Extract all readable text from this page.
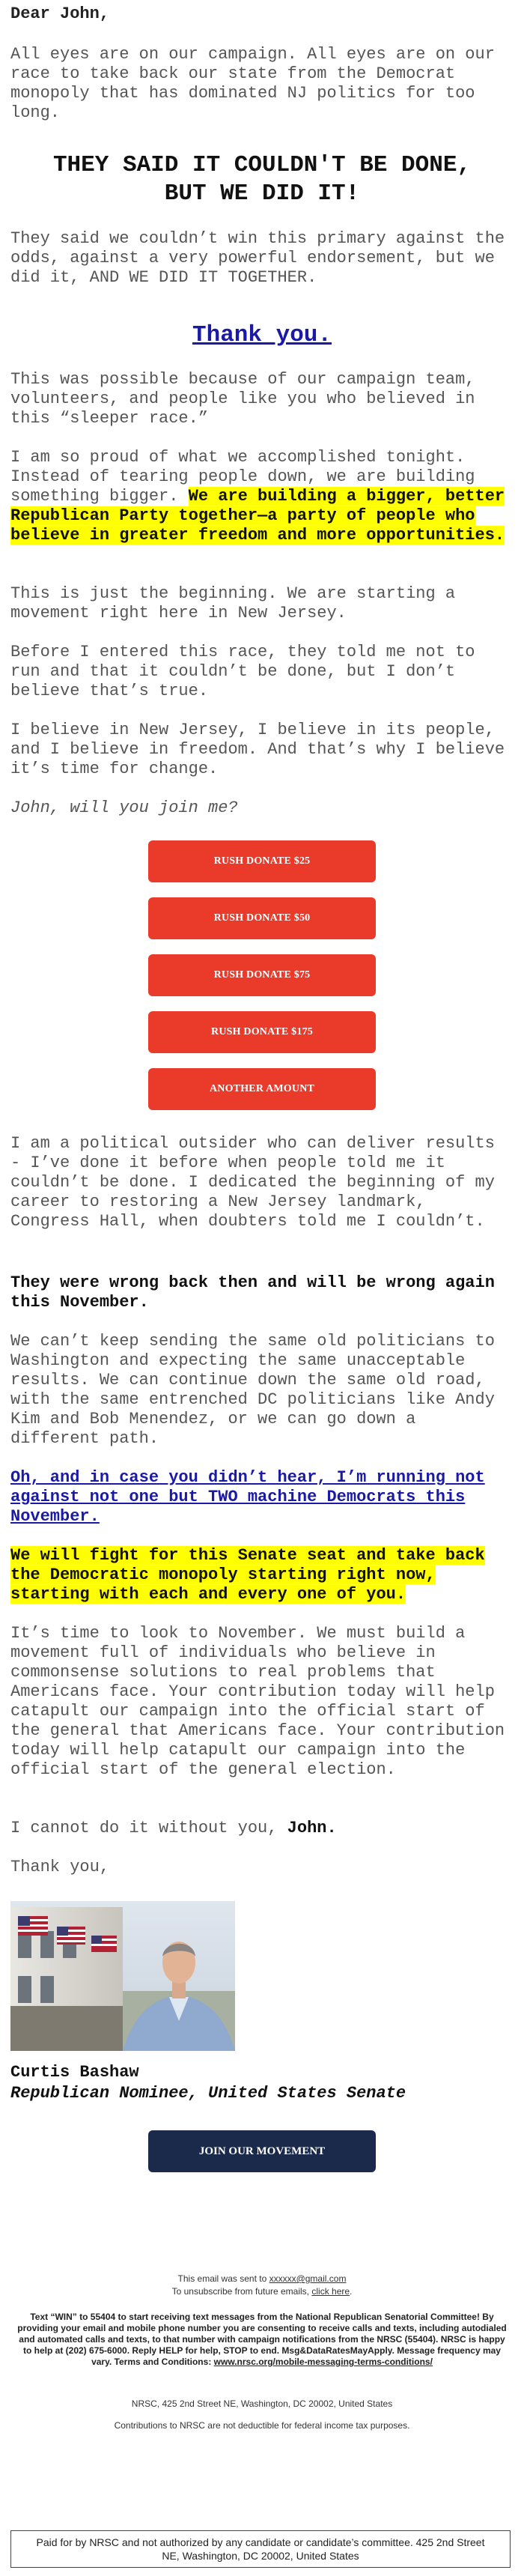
Dear John,

All eyes are on our campaign. All eyes are on our race to take back our state from the Democrat monopoly that has dominated NJ politics for too long.

THEY SAID IT COULDN'T BE DONE,
BUT WE DID IT!

They said we couldn’t win this primary against the odds, against a very powerful endorsement, but we did it, AND WE DID IT TOGETHER.

Thank you.

This was possible because of our campaign team, volunteers, and people like you who believed in this “sleeper race.”

I am so proud of what we accomplished tonight. Instead of tearing people down, we are building something bigger. We are building a bigger, better Republican Party together—a party of people who believe in greater freedom and more opportunities.

This is just the beginning. We are starting a movement right here in New Jersey.

Before I entered this race, they told me not to run and that it couldn’t be done, but I don’t believe that’s true.

I believe in New Jersey, I believe in its people, and I believe in freedom. And that’s why I believe it’s time for change.

John, will you join me?
RUSH DONATE $25
RUSH DONATE $50
RUSH DONATE $75
RUSH DONATE $175
ANOTHER AMOUNT

I am a political outsider who can deliver results - I’ve done it before when people told me it couldn’t be done. I dedicated the beginning of my career to restoring a New Jersey landmark, Congress Hall, when doubters told me I couldn’t.

They were wrong back then and will be wrong again this November.

We can’t keep sending the same old politicians to Washington and expecting the same unacceptable results. We can continue down the same old road, with the same entrenched DC politicians like Andy Kim and Bob Menendez, or we can go down a different path.

Oh, and in case you didn’t hear, I’m running not against not one but TWO machine Democrats this November.

We will fight for this Senate seat and take back the Democratic monopoly starting right now, starting with each and every one of you.

It’s time to look to November. We must build a movement full of individuals who believe in commonsense solutions to real problems that Americans face. Your contribution today will help catapult our campaign into the official start of the general that Americans face. Your contribution today will help catapult our campaign into the official start of the general election.

I cannot do it without you, John.

Thank you,

Curtis Bashaw
Republican Nominee, United States Senate
JOIN OUR MOVEMENT
This email was sent to xxxxxx@gmail.com
To unsubscribe from future emails, click here.
Text “WIN” to 55404 to start receiving text messages from the National Republican Senatorial Committee! By providing your email and mobile phone number you are consenting to receive calls and texts, including autodialed and automated calls and texts, to that number with campaign notifications from the NRSC (55404). NRSC is happy to help at (202) 675-6000. Reply HELP for help, STOP to end. Msg&DataRatesMayApply. Message frequency may vary. Terms and Conditions: www.nrsc.org/mobile-messaging-terms-conditions/
NRSC, 425 2nd Street NE, Washington, DC 20002, United States
Contributions to NRSC are not deductible for federal income tax purposes.
Paid for by NRSC and not authorized by any candidate or candidate’s committee. 425 2nd Street NE, Washington, DC 20002, United States
